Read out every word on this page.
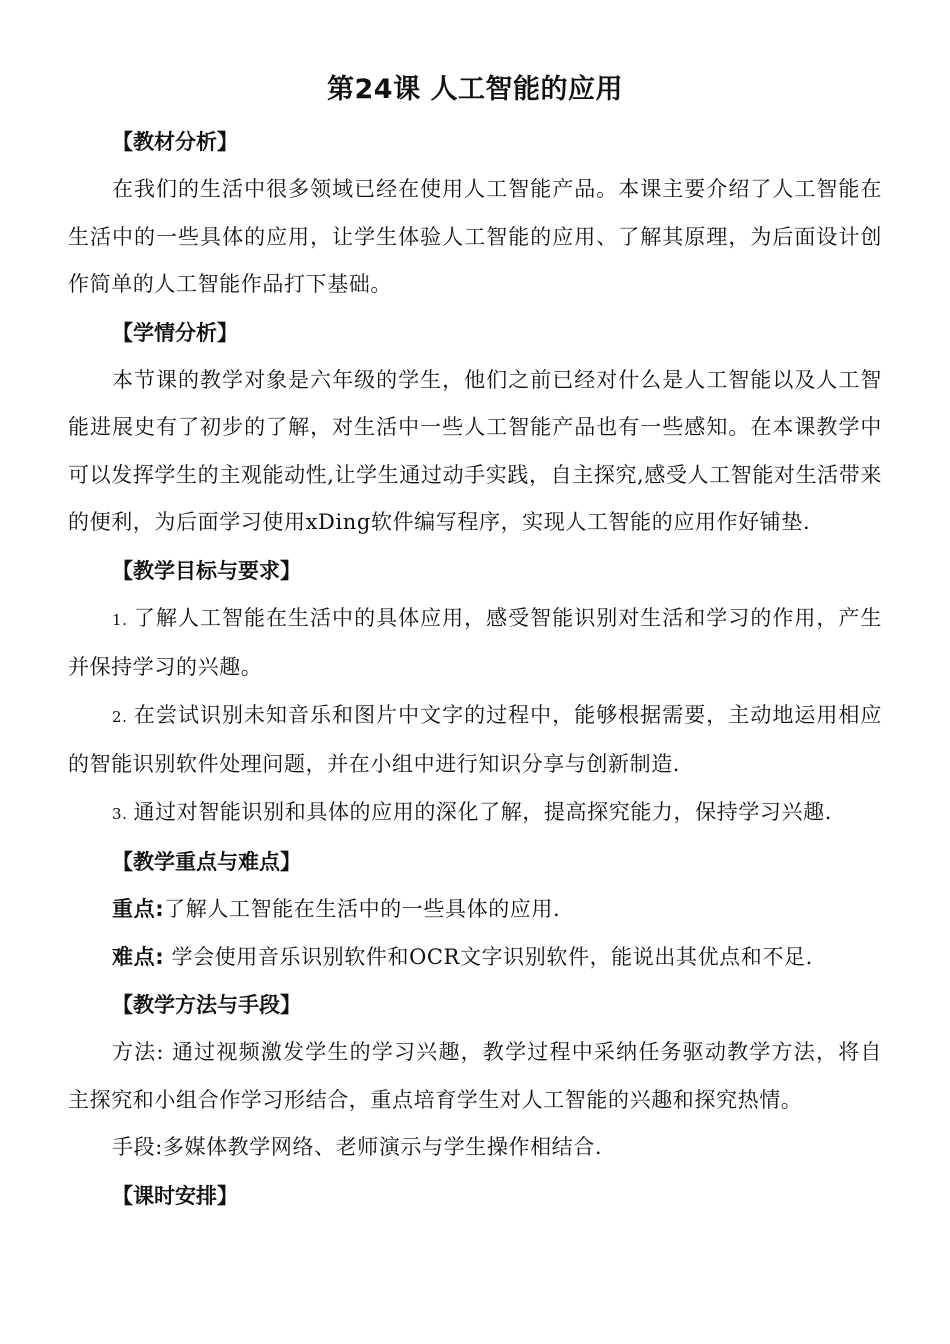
第24课 人工智能的应用
【教材分析】

在我们的生活中很多领域已经在使用人工智能产品。本课主要介绍了人工智能在生活中的一些具体的应用，让学生体验人工智能的应用、了解其原理，为后面设计创作简单的人工智能作品打下基础。

【学情分析】

本节课的教学对象是六年级的学生，他们之前已经对什么是人工智能以及人工智能进展史有了初步的了解，对生活中一些人工智能产品也有一些感知。在本课教学中可以发挥学生的主观能动性,让学生通过动手实践，自主探究,感受人工智能对生活带来的便利，为后面学习使用xDing软件编写程序，实现人工智能的应用作好铺垫.

【教学目标与要求】

1. 了解人工智能在生活中的具体应用，感受智能识别对生活和学习的作用，产生并保持学习的兴趣。

2. 在尝试识别未知音乐和图片中文字的过程中，能够根据需要，主动地运用相应的智能识别软件处理问题，并在小组中进行知识分享与创新制造.

3. 通过对智能识别和具体的应用的深化了解，提高探究能力，保持学习兴趣.

【教学重点与难点】

重点:了解人工智能在生活中的一些具体的应用.

难点: 学会使用音乐识别软件和OCR文字识别软件，能说出其优点和不足.

【教学方法与手段】

方法: 通过视频激发学生的学习兴趣，教学过程中采纳任务驱动教学方法，将自主探究和小组合作学习形结合，重点培育学生对人工智能的兴趣和探究热情。

手段:多媒体教学网络、老师演示与学生操作相结合.

【课时安排】
